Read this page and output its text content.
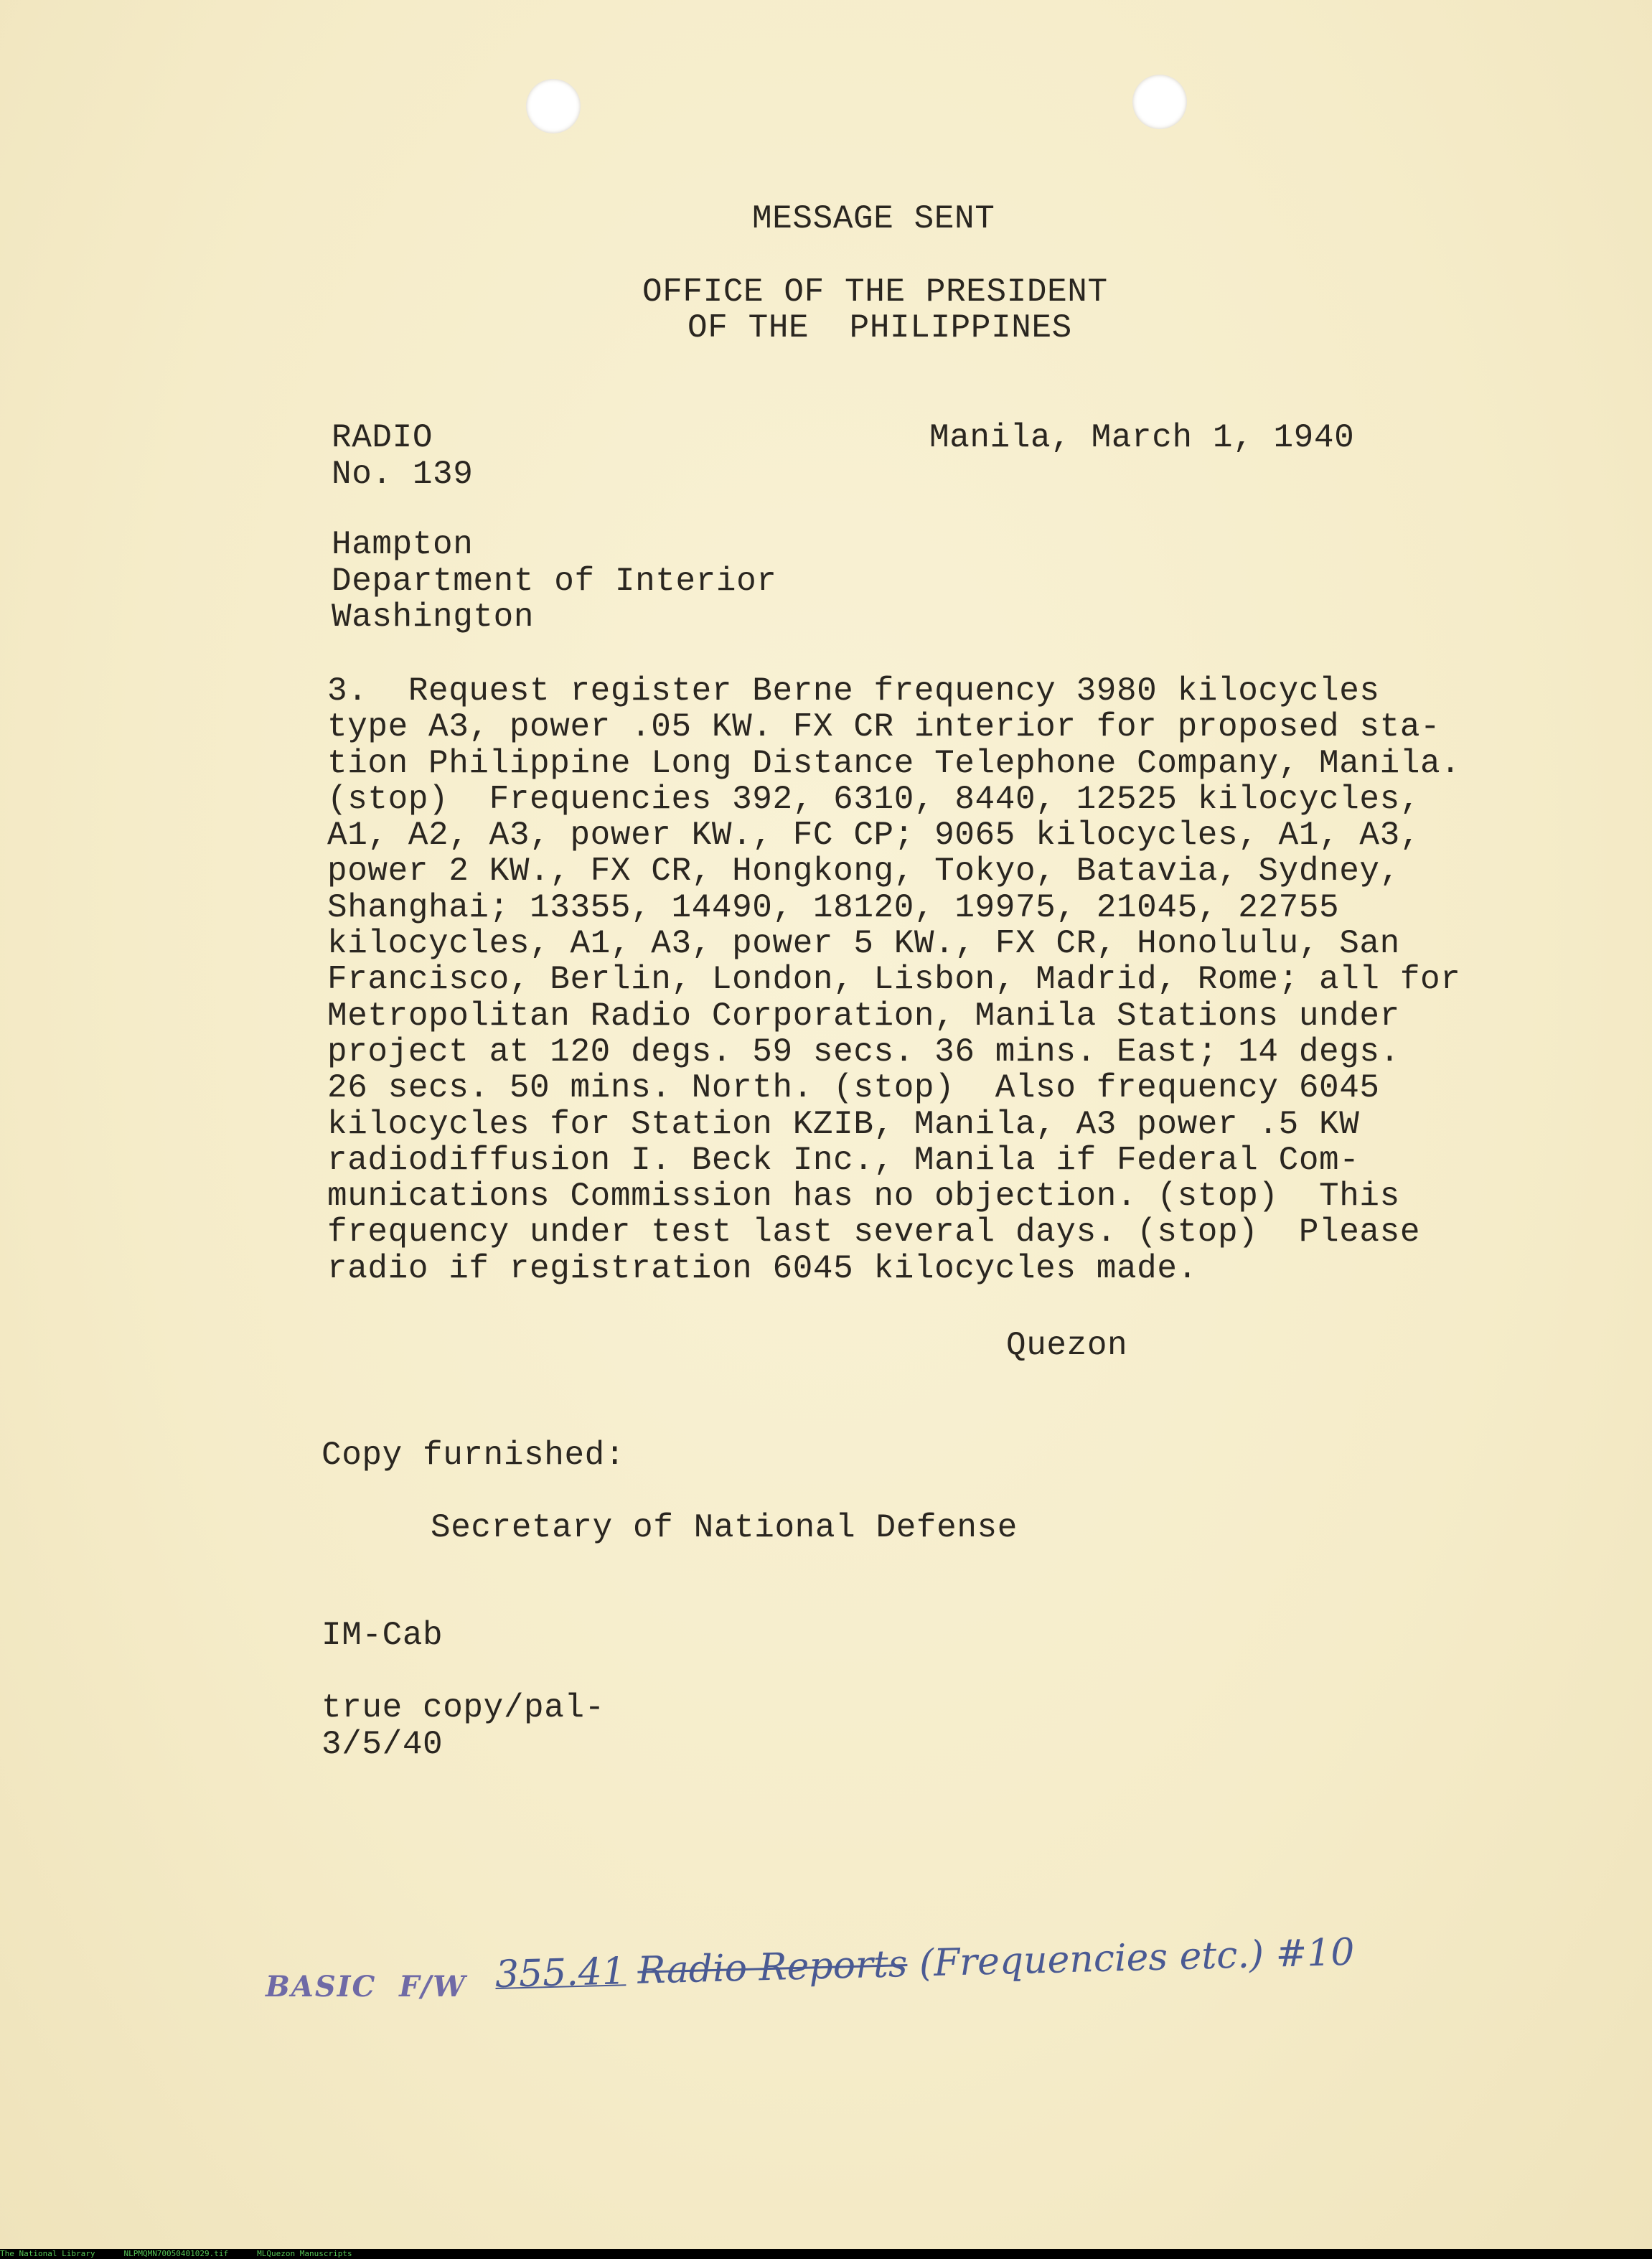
MESSAGE SENT
OFFICE OF THE PRESIDENT
OF THE  PHILIPPINES
RADIO
No. 139
Manila, March 1, 1940
Hampton
Department of Interior
Washington
3.  Request register Berne frequency 3980 kilocycles
type A3, power .05 KW. FX CR interior for proposed sta-
tion Philippine Long Distance Telephone Company, Manila.
(stop)  Frequencies 392, 6310, 8440, 12525 kilocycles,
A1, A2, A3, power KW., FC CP; 9065 kilocycles, A1, A3,
power 2 KW., FX CR, Hongkong, Tokyo, Batavia, Sydney,
Shanghai; 13355, 14490, 18120, 19975, 21045, 22755
kilocycles, A1, A3, power 5 KW., FX CR, Honolulu, San
Francisco, Berlin, London, Lisbon, Madrid, Rome; all for
Metropolitan Radio Corporation, Manila Stations under
project at 120 degs. 59 secs. 36 mins. East; 14 degs.
26 secs. 50 mins. North. (stop)  Also frequency 6045
kilocycles for Station KZIB, Manila, A3 power .5 KW
radiodiffusion I. Beck Inc., Manila if Federal Com-
munications Commission has no objection. (stop)  This
frequency under test last several days. (stop)  Please
radio if registration 6045 kilocycles made.
Quezon
Copy furnished:
Secretary of National Defense
IM-Cab
true copy/pal-
3/5/40
BASIC  F/W 355.41 Radio Reports (Frequencies etc.) #10
The National Library	NLPMQMN70050401029.tif	MLQuezon Manuscripts
